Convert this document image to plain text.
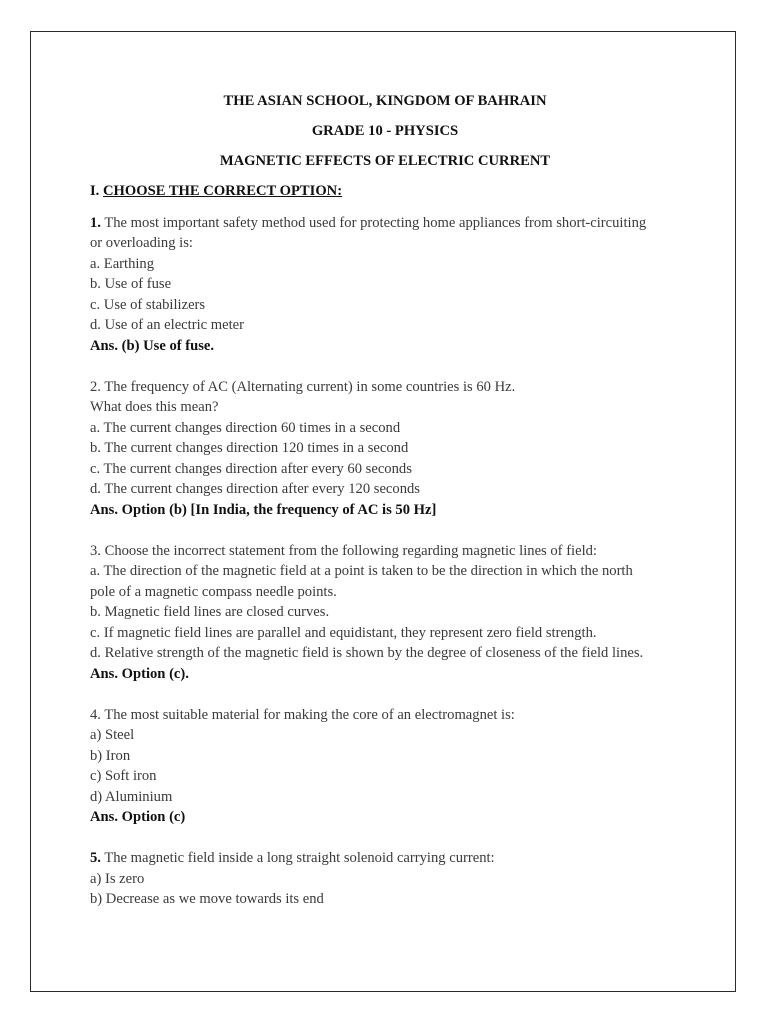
THE ASIAN SCHOOL, KINGDOM OF BAHRAIN
GRADE 10 - PHYSICS
MAGNETIC EFFECTS OF ELECTRIC CURRENT
I. CHOOSE THE CORRECT OPTION:
1. The most important safety method used for protecting home appliances from short-circuiting
or overloading is:
a. Earthing
b. Use of fuse
c. Use of stabilizers
d. Use of an electric meter
Ans. (b) Use of fuse.
2. The frequency of AC (Alternating current) in some countries is 60 Hz.
What does this mean?
a. The current changes direction 60 times in a second
b. The current changes direction 120 times in a second
c. The current changes direction after every 60 seconds
d. The current changes direction after every 120 seconds
Ans. Option (b) [In India, the frequency of AC is 50 Hz]
3. Choose the incorrect statement from the following regarding magnetic lines of field:
a. The direction of the magnetic field at a point is taken to be the direction in which the north
pole of a magnetic compass needle points.
b. Magnetic field lines are closed curves.
c. If magnetic field lines are parallel and equidistant, they represent zero field strength.
d. Relative strength of the magnetic field is shown by the degree of closeness of the field lines.
Ans. Option (c).
4. The most suitable material for making the core of an electromagnet is:
a) Steel
b) Iron
c) Soft iron
d) Aluminium
Ans. Option (c)
5. The magnetic field inside a long straight solenoid carrying current:
a) Is zero
b) Decrease as we move towards its end
